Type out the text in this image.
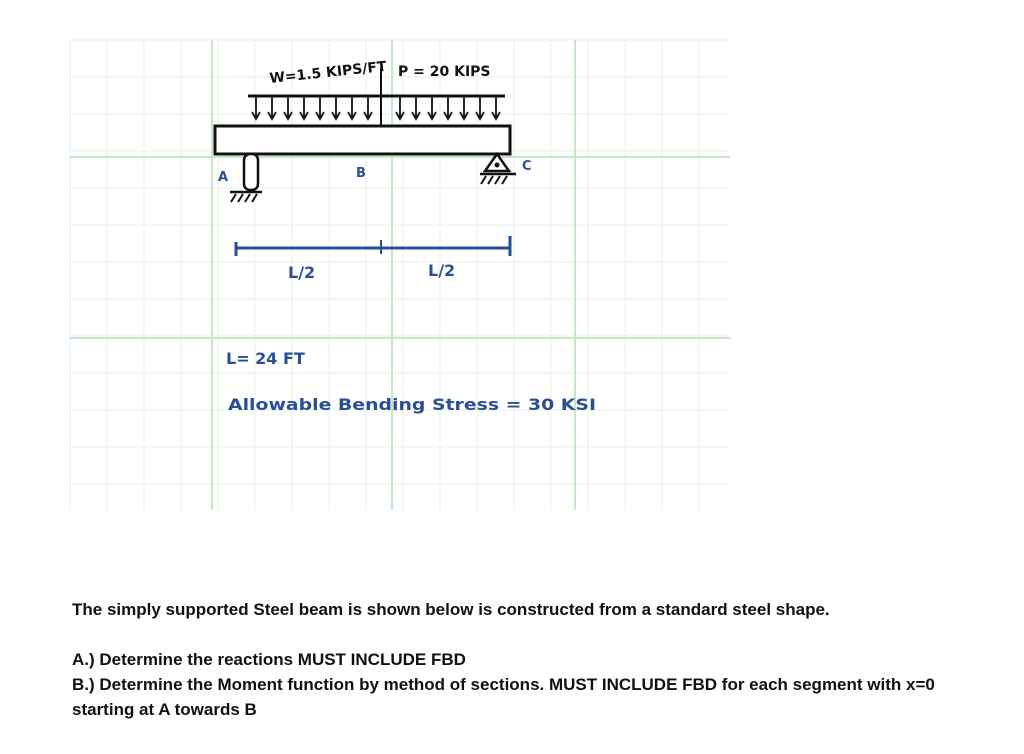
W=1.5 KIPS/FT P = 20 KIPS
A
C
B
L/2	L/2
L= 24 FT
Allowable Bending Stress = 30 KSI

The simply supported Steel beam is shown below is constructed from a standard steel shape.

A.) Determine the reactions MUST INCLUDE FBD

B.) Determine the Moment function by method of sections. MUST INCLUDE FBD for each segment with x=0 starting at A towards B
